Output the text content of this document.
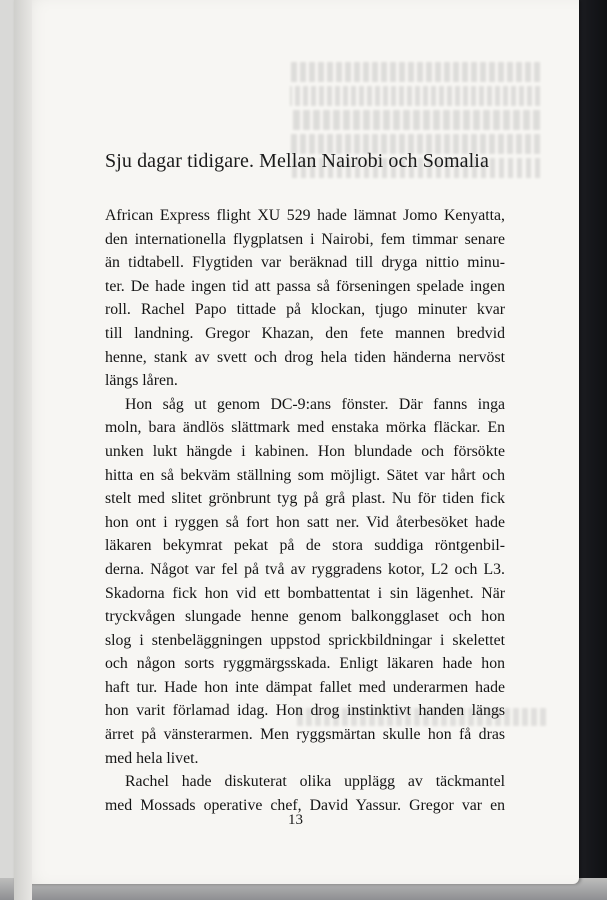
Sju dagar tidigare. Mellan Nairobi och Somalia
African Express flight XU 529 hade lämnat Jomo Kenyatta,
den internationella flygplatsen i Nairobi, fem timmar senare
än tidtabell. Flygtiden var beräknad till dryga nittio minu-
ter. De hade ingen tid att passa så förseningen spelade ingen
roll. Rachel Papo tittade på klockan, tjugo minuter kvar
till landning. Gregor Khazan, den fete mannen bredvid
henne, stank av svett och drog hela tiden händerna nervöst
längs låren.
Hon såg ut genom DC-9:ans fönster. Där fanns inga
moln, bara ändlös slättmark med enstaka mörka fläckar. En
unken lukt hängde i kabinen. Hon blundade och försökte
hitta en så bekväm ställning som möjligt. Sätet var hårt och
stelt med slitet grönbrunt tyg på grå plast. Nu för tiden fick
hon ont i ryggen så fort hon satt ner. Vid återbesöket hade
läkaren bekymrat pekat på de stora suddiga röntgenbil-
derna. Något var fel på två av ryggradens kotor, L2 och L3.
Skadorna fick hon vid ett bombattentat i sin lägenhet. När
tryckvågen slungade henne genom balkongglaset och hon
slog i stenbeläggningen uppstod sprickbildningar i skelettet
och någon sorts ryggmärgsskada. Enligt läkaren hade hon
haft tur. Hade hon inte dämpat fallet med underarmen hade
hon varit förlamad idag. Hon drog instinktivt handen längs
ärret på vänsterarmen. Men ryggsmärtan skulle hon få dras
med hela livet.
Rachel hade diskuterat olika upplägg av täckmantel
med Mossads operative chef, David Yassur. Gregor var en
13
